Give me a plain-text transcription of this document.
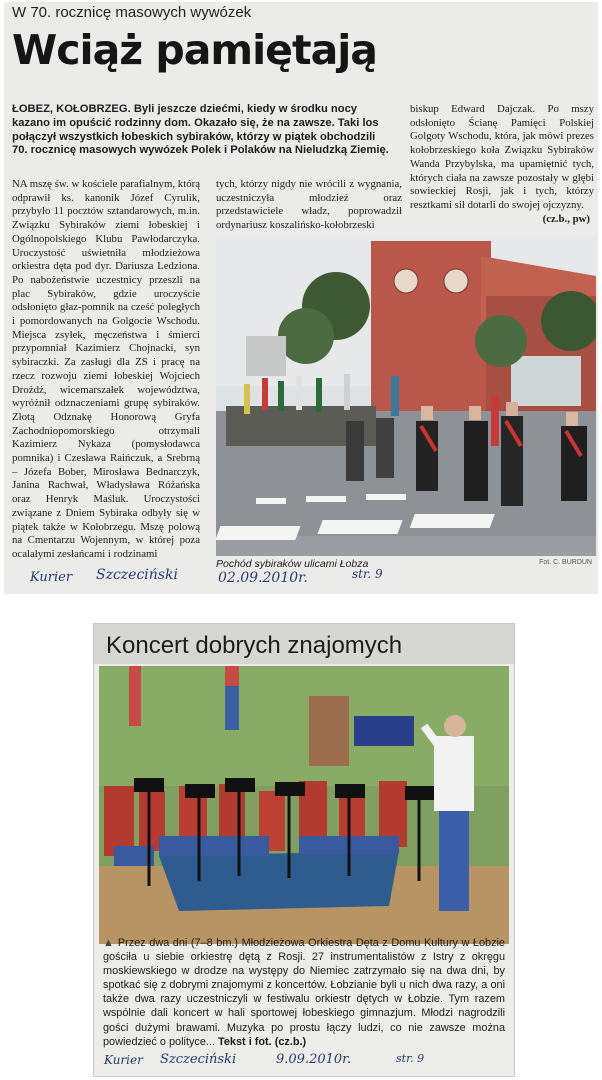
W 70. rocznicę masowych wywózek
Wciąż pamiętają

ŁOBEZ, KOŁOBRZEG. Byli jeszcze dziećmi, kiedy w środku nocy kazano im opuścić rodzinny dom. Okazało się, że na zawsze. Taki los połączył wszystkich łobeskich sybiraków, którzy w piątek obchodzili 70. rocznicę masowych wywózek Polek i Polaków na Nieludzką Ziemię.

NA mszę św. w kościele parafialnym, którą odprawił ks. kanonik Józef Cyrulik, przybyło 11 pocztów sztandarowych, m.in. Związku Sybiraków ziemi łobeskiej i Ogólnopolskiego Klubu Pawłodarczyka. Uroczystość uświetniła młodzieżowa orkiestra dęta pod dyr. Dariusza Ledziona. Po nabożeństwie uczestnicy przeszli na plac Sybiraków, gdzie uroczyście odsłonięto głaz-pomnik na cześć poległych i pomordowanych na Golgocie Wschodu. Miejsca zsyłek, męczeństwa i śmierci przypomniał Kazimierz Chojnacki, syn sybiraczki. Za zasługi dla ZS i pracę na rzecz rozwoju ziemi łobeskiej Wojciech Drożdż, wicemarszałek województwa, wyróżnił odznaczeniami grupę sybiraków. Złotą Odznakę Honorową Gryfa Zachodniopomorskiego otrzymali Kazimierz Nykaza (pomysłodawca pomnika) i Czesława Raińczuk, a Srebrną – Józefa Bober, Mirosława Bednarczyk, Janina Rachwał, Władysława Różańska oraz Henryk Maśluk. Uroczystości związane z Dniem Sybiraka odbyły się w piątek także w Kołobrzegu. Mszę polową na Cmentarzu Wojennym, w której poza ocalałymi zesłańcami i rodzinami

tych, którzy nigdy nie wrócili z wygnania, uczestniczyła młodzież oraz przedstawiciele władz, poprowadził ordynariusz koszalińsko-kołobrzeski

biskup Edward Dajczak. Po mszy odsłonięto Ścianę Pamięci Polskiej Golgoty Wschodu, która, jak mówi prezes kołobrzeskiego koła Związku Sybiraków Wanda Przybylska, ma upamiętnić tych, których ciała na zawsze pozostały w głębi sowieckiej Rosji, jak i tych, którzy resztkami sił dotarli do swojej ojczyzny.

(cz.b., pw)
Pochód sybiraków ulicami Łobza	Fot. C. BURDUN
Kurier Szczeciński	02.09.2010r.	str. 9
Koncert dobrych znajomych

▲ Przez dwa dni (7–8 bm.) Młodzieżowa Orkiestra Dęta z Domu Kultury w Łobzie gościła u siebie orkiestrę dętą z Rosji. 27 instrumentalistów z Istry z okręgu moskiewskiego w drodze na występy do Niemiec zatrzymało się na dwa dni, by spotkać się z dobrymi znajomymi z koncertów. Łobzianie byli u nich dwa razy, a oni także dwa razy uczestniczyli w festiwalu orkiestr dętych w Łobzie. Tym razem wspólnie dali koncert w hali sportowej łobeskiego gimnazjum. Młodzi nagrodzili gości dużymi brawami. Muzyka po prostu łączy ludzi, co nie zawsze można powiedzieć o polityce... Tekst i fot. (cz.b.)

Kurier Szczeciński	9.09.2010r.	str. 9
